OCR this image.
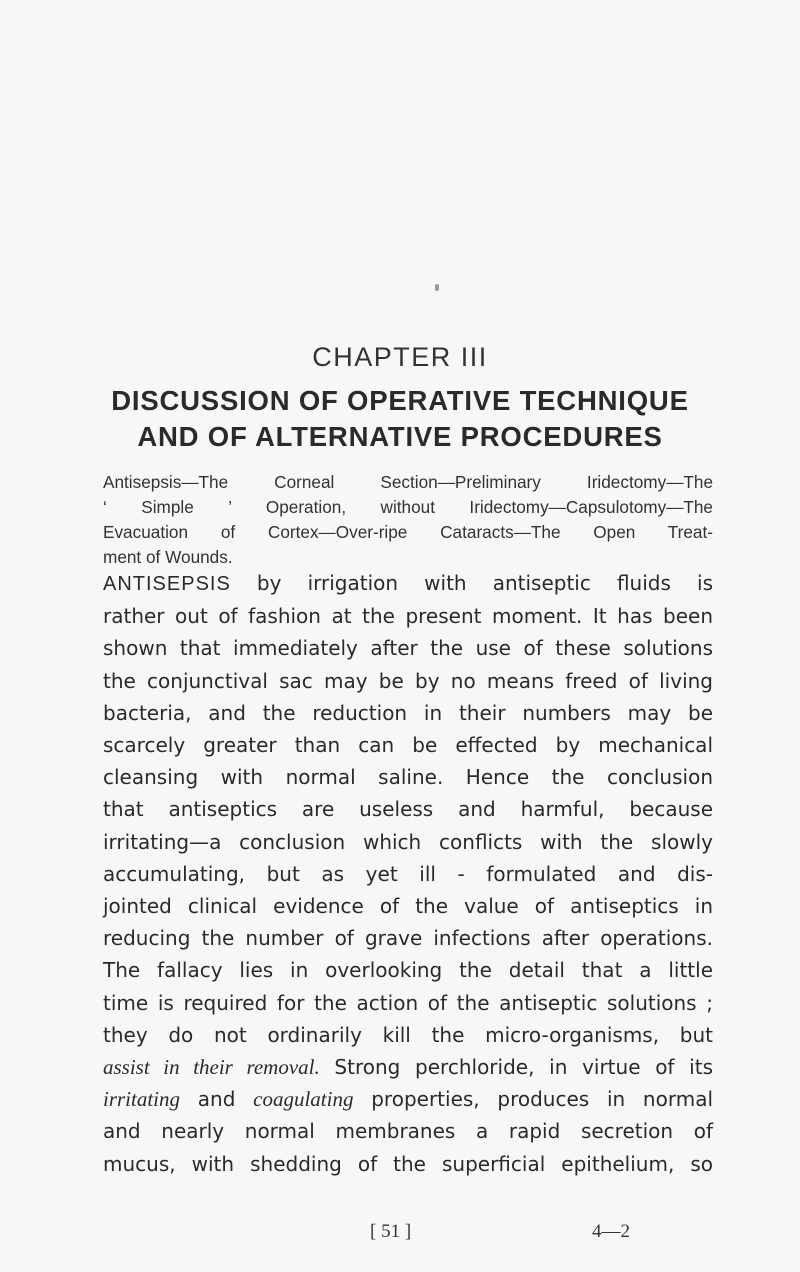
CHAPTER III
DISCUSSION OF OPERATIVE TECHNIQUE
AND OF ALTERNATIVE PROCEDURES
Antisepsis—The Corneal Section—Preliminary Iridectomy—The
‘ Simple ’ Operation, without Iridectomy—Capsulotomy—The
Evacuation of Cortex—Over-ripe Cataracts—The Open Treat-
ment of Wounds.
ANTISEPSIS by irrigation with antiseptic fluids is
rather out of fashion at the present moment. It has been
shown that immediately after the use of these solutions
the conjunctival sac may be by no means freed of living
bacteria, and the reduction in their numbers may be
scarcely greater than can be effected by mechanical
cleansing with normal saline. Hence the conclusion
that antiseptics are useless and harmful, because
irritating—a conclusion which conflicts with the slowly
accumulating, but as yet ill - formulated and dis-
jointed clinical evidence of the value of antiseptics in
reducing the number of grave infections after operations.
The fallacy lies in overlooking the detail that a little
time is required for the action of the antiseptic solutions ;
they do not ordinarily kill the micro-organisms, but
assist in their removal. Strong perchloride, in virtue of its
irritating and coagulating properties, produces in normal
and nearly normal membranes a rapid secretion of
mucus, with shedding of the superficial epithelium, so
[ 51 ]	4—2
